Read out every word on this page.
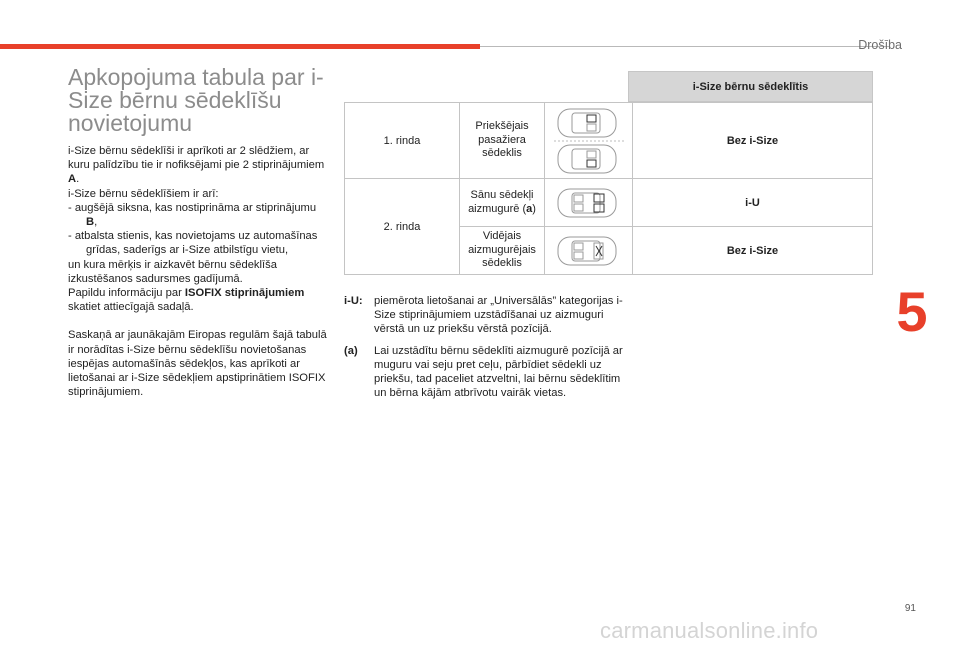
Drošība
5
91
Apkopojuma tabula par i-Size bērnu sēdeklīšu novietojumu

i-Size bērnu sēdeklīši ir aprīkoti ar 2 slēdžiem, ar kuru palīdzību tie ir nofiksējami pie 2 stiprinājumiem A.

i-Size bērnu sēdeklīšiem ir arī:

- augšējā siksna, kas nostiprināma ar stiprinājumu B,

- atbalsta stienis, kas novietojams uz automašīnas grīdas, saderīgs ar i-Size atbilstīgu vietu,

un kura mērķis ir aizkavēt bērnu sēdeklīša izkustēšanos sadursmes gadījumā.

Papildu informāciju par ISOFIX stiprinājumiem skatiet attiecīgajā sadaļā.

Saskaņā ar jaunākajām Eiropas regulām šajā tabulā ir norādītas i-Size bērnu sēdeklīšu novietošanas iespējas automašīnās sēdekļos, kas aprīkoti ar lietošanai ar i-Size sēdekļiem apstiprinātiem ISOFIX stiprinājumiem.

i-Size bērnu sēdeklītis
1. rinda	Priekšējais pasažiera sēdeklis		Bez i-Size
2. rinda	Sānu sēdekļi aizmugurē (a)		i-U
	Vidējais aizmugurējais sēdeklis		Bez i-Size
i-U:	piemērota lietošanai ar „Universālās” kategorijas i-Size stiprinājumiem uzstādīšanai uz aizmuguri vērstā un uz priekšu vērstā pozīcijā.
(a)	Lai uzstādītu bērnu sēdeklīti aizmugurē pozīcijā ar muguru vai seju pret ceļu, pārbīdiet sēdekli uz priekšu, tad paceliet atzveltni, lai bērnu sēdeklītim un bērna kājām atbrīvotu vairāk vietas.
carmanualsonline.info
